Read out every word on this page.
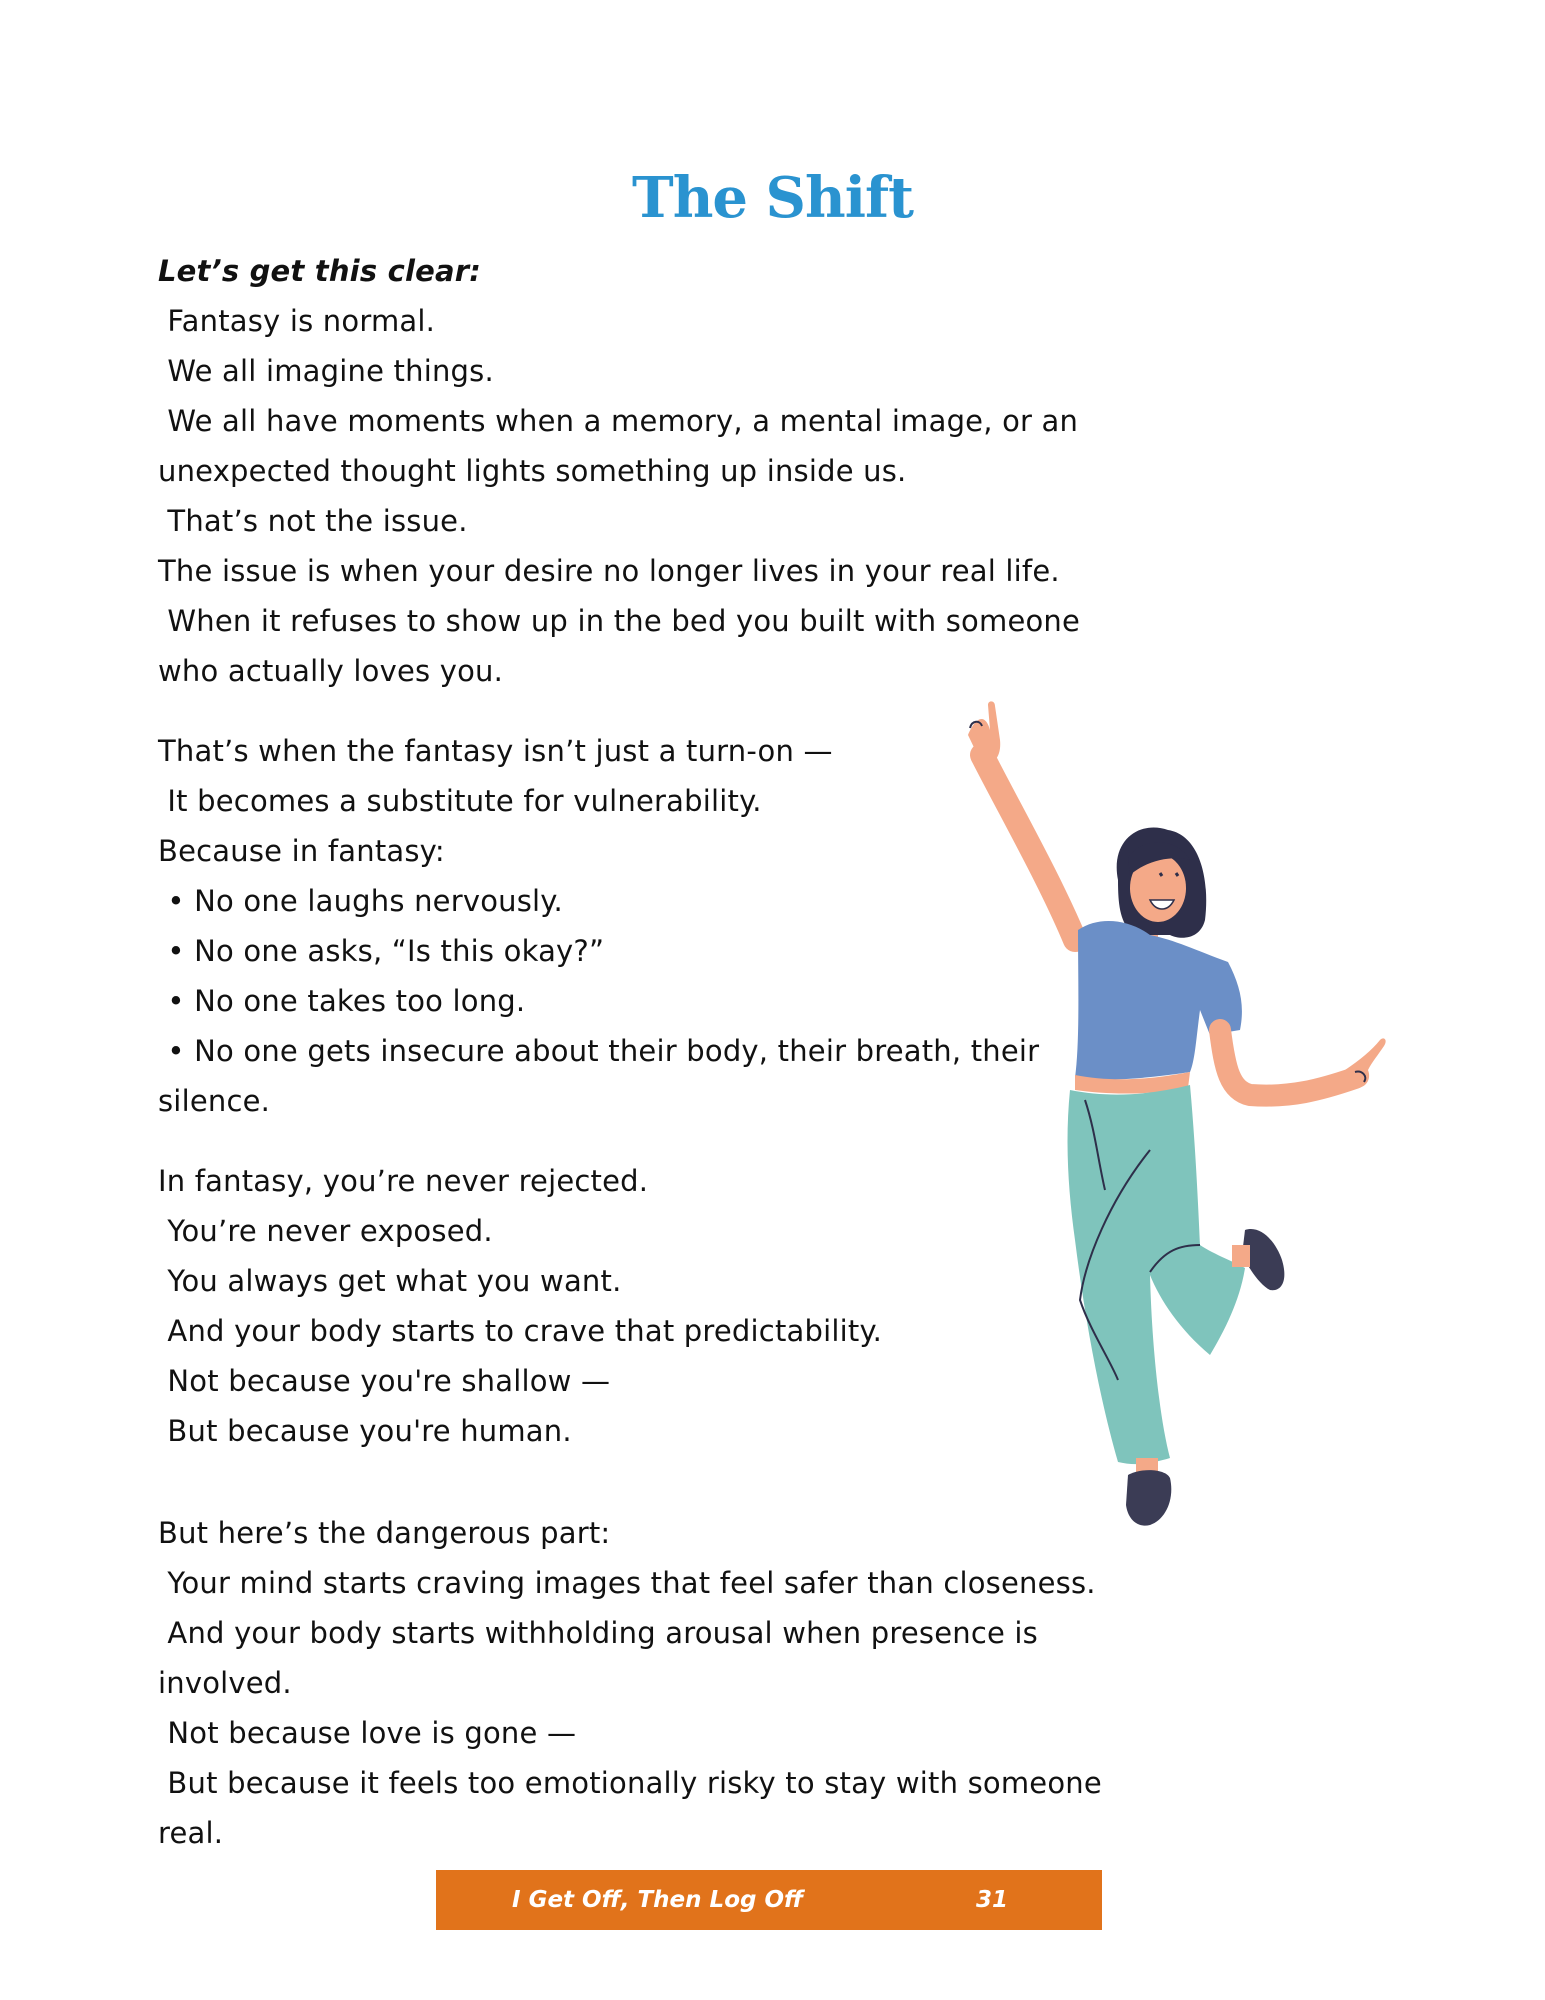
The Shift

Let’s get this clear:

Fantasy is normal.

We all imagine things.

We all have moments when a memory, a mental image, or an

unexpected thought lights something up inside us.

That’s not the issue.

The issue is when your desire no longer lives in your real life.

When it refuses to show up in the bed you built with someone

who actually loves you.

That’s when the fantasy isn’t just a turn-on —

It becomes a substitute for vulnerability.

Because in fantasy:

• No one laughs nervously.

• No one asks, “Is this okay?”

• No one takes too long.

• No one gets insecure about their body, their breath, their

silence.

In fantasy, you’re never rejected.

You’re never exposed.

You always get what you want.

And your body starts to crave that predictability.

Not because you're shallow —

But because you're human.

But here’s the dangerous part:

Your mind starts craving images that feel safer than closeness.

And your body starts withholding arousal when presence is

involved.

Not because love is gone —

But because it feels too emotionally risky to stay with someone

real.

I Get Off, Then Log Off	31
